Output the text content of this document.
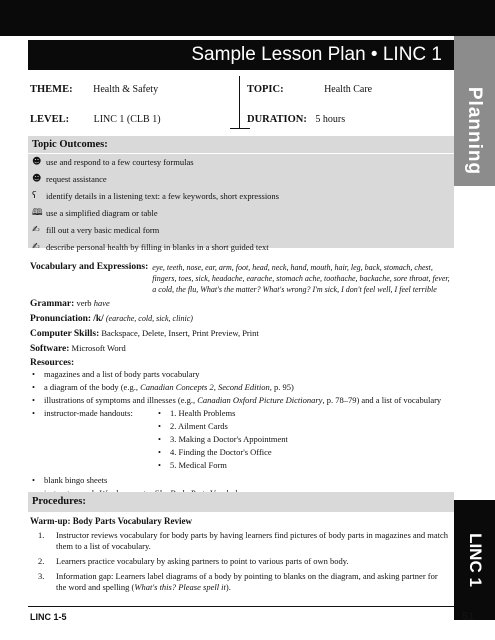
Sample Lesson Plan • LINC 1
Planning
THEME: Health & Safety	TOPIC:	Health Care
LEVEL: LINC 1 (CLB 1)	DURATION: 5 hours
Topic Outcomes:
☻ use and respond to a few courtesy formulas
☻ request assistance
ʕ identify details in a listening text: a few keywords, short expressions
🕮 use a simplified diagram or table
✍ fill out a very basic medical form
✍ describe personal health by filling in blanks in a short guided text
Vocabulary and Expressions: eye, teeth, nose, ear, arm, foot, head, neck, hand, mouth, hair, leg, back, stomach, chest, fingers, toes, sick, headache, earache, stomach ache, toothache, backache, sore throat, fever, a cold, the flu, What's the matter? What's wrong? I'm sick, I don't feel well, I feel terrible
Grammar: verb have
Pronunciation: /k/ (earache, cold, sick, clinic)
Computer Skills: Backspace, Delete, Insert, Print Preview, Print
Software: Microsoft Word
Resources:
• magazines and a list of body parts vocabulary
• a diagram of the body (e.g., Canadian Concepts 2, Second Edition, p. 95)
• illustrations of symptoms and illnesses (e.g., Canadian Oxford Picture Dictionary, p. 78–79) and a list of vocabulary
• instructor-made handouts:
•	1. Health Problems
• 2. Ailment Cards
• 3. Making a Doctor's Appointment
• 4. Finding the Doctor's Office
• 5. Medical Form
• blank bingo sheets
•
Procedures:
Warm-up: Body Parts Vocabulary Review
1.	Instructor reviews vocabulary for body parts by having learners find pictures of body parts in magazines and match them to a list of vocabulary.
2.	Learners practice vocabulary by asking partners to point to various parts of own body.
3.	Information gap: Learners label diagrams of a body by pointing to blanks on the diagram, and asking partner for the word and spelling (What's this? Please spell it).
LINC 1
LINC 1-5	51
